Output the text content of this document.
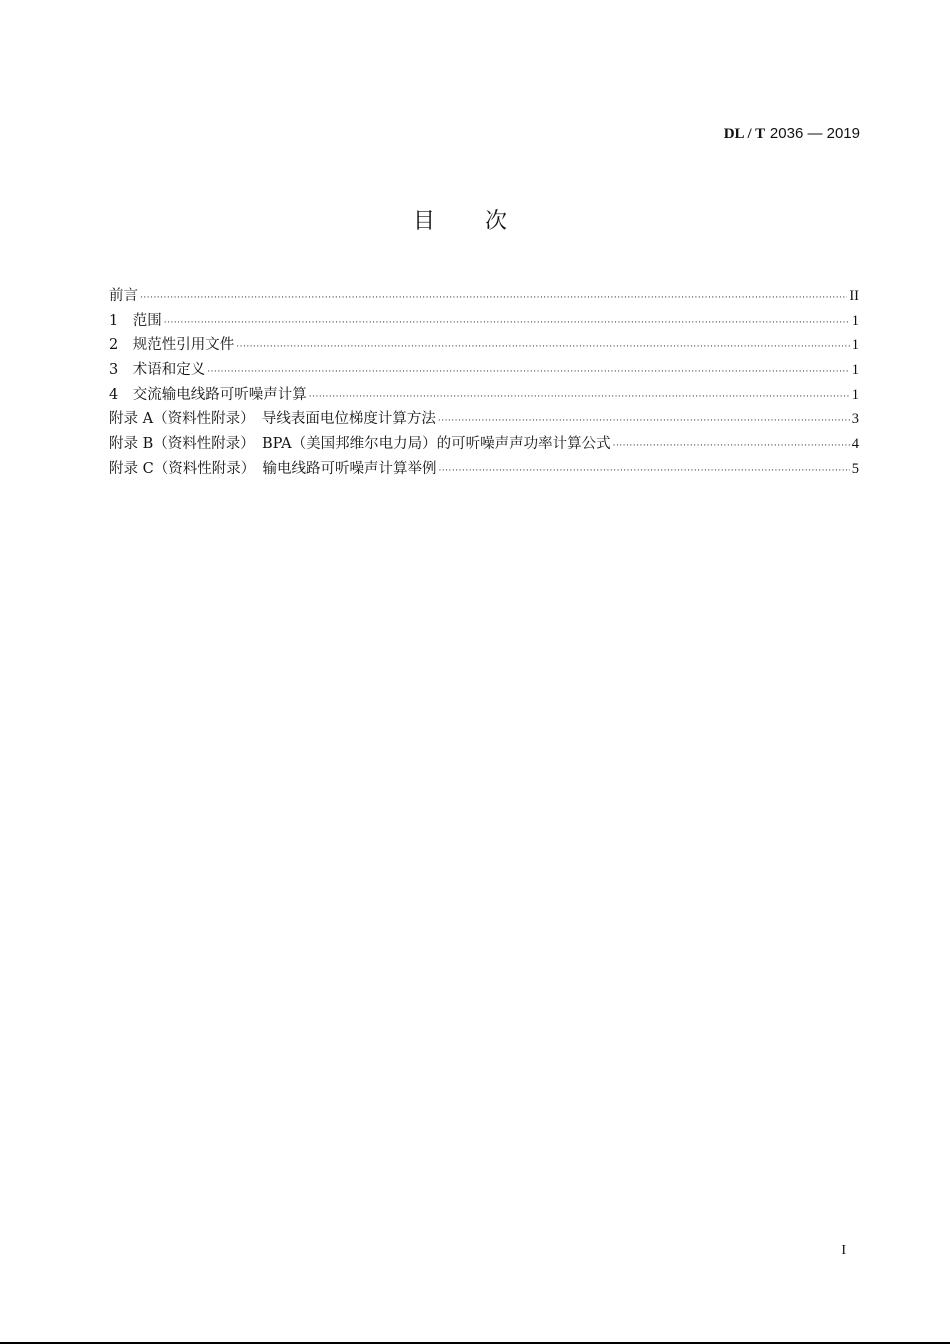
DL / T 2036 — 2019
目次
前言 ·····	II
1　范围 ·····	1
2　规范性引用文件 ·····	1
3　术语和定义 ·····	1
4　交流输电线路可听噪声计算 ·····	1
附录 A（资料性附录）　导线表面电位梯度计算方法 ·····	3
附录 B（资料性附录）　BPA（美国邦维尔电力局）的可听噪声声功率计算公式 ·····	4
附录 C（资料性附录）　输电线路可听噪声计算举例 ·····	5
I
